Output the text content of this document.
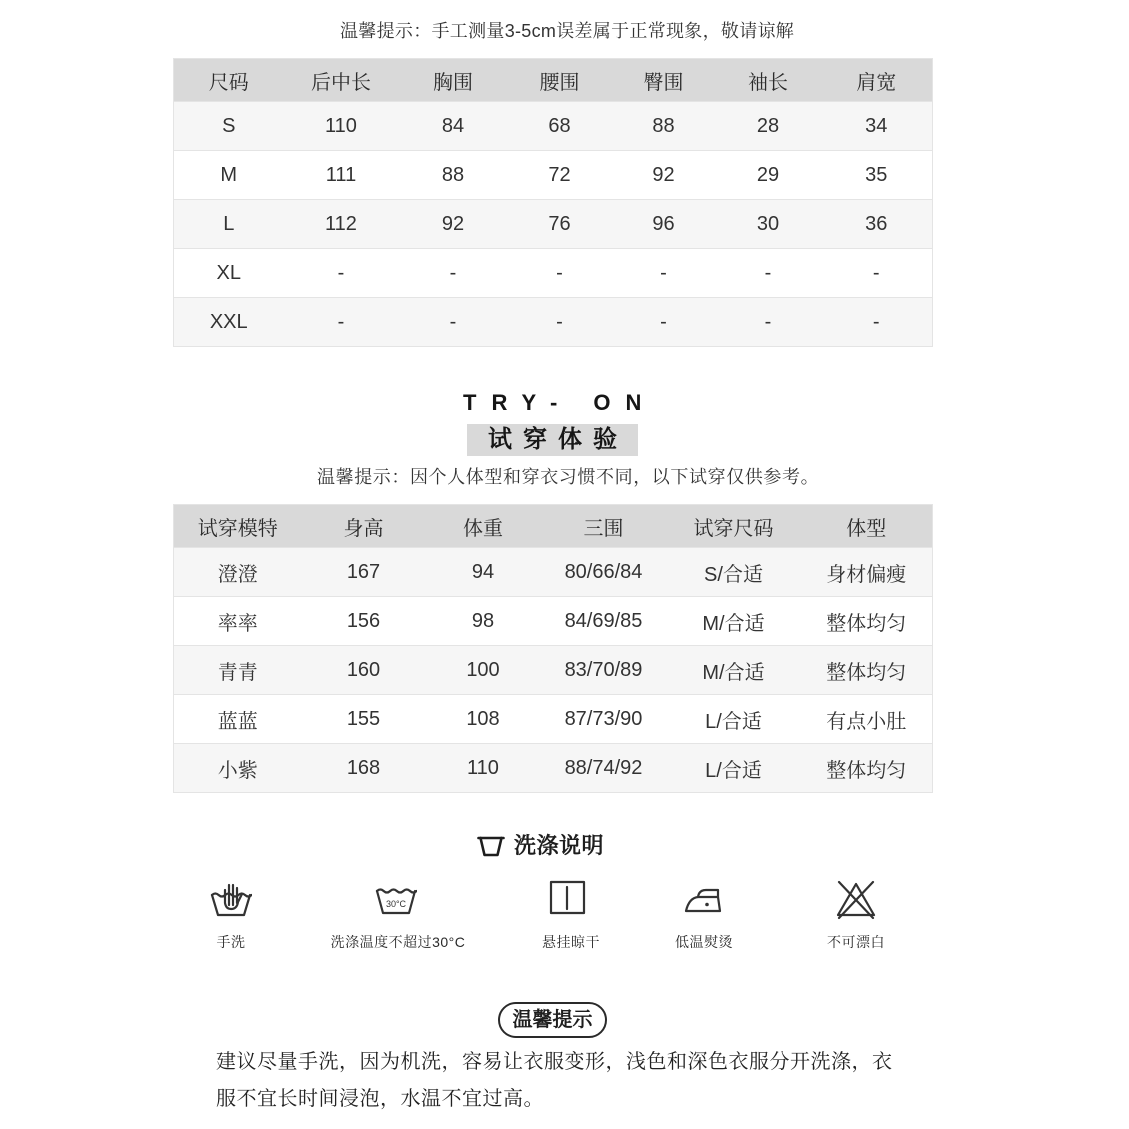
温馨提示：手工测量3-5cm误差属于正常现象，敬请谅解
尺码	后中长	胸围	腰围	臀围	袖长	肩宽
S	110	84	68	88	28	34
M	111	88	72	92	29	35
L	112	92	76	96	30	36
XL	-	-	-	-	-	-
XXL	-	-	-	-	-	-
TRY- ON
试穿体验
温馨提示：因个人体型和穿衣习惯不同，以下试穿仅供参考。
试穿模特	身高	体重	三围	试穿尺码	体型
澄澄	167	94	80/66/84	S/合适	身材偏瘦
率率	156	98	84/69/85	M/合适	整体均匀
青青	160	100	83/70/89	M/合适	整体均匀
蓝蓝	155	108	87/73/90	L/合适	有点小肚
小紫	168	110	88/74/92	L/合适	整体均匀
洗涤说明
30°C
手洗	洗涤温度不超过30°C	悬挂晾干	低温熨烫	不可漂白
温馨提示
建议尽量手洗，因为机洗，容易让衣服变形，浅色和深色衣服分开洗涤，衣
服不宜长时间浸泡，水温不宜过高。
